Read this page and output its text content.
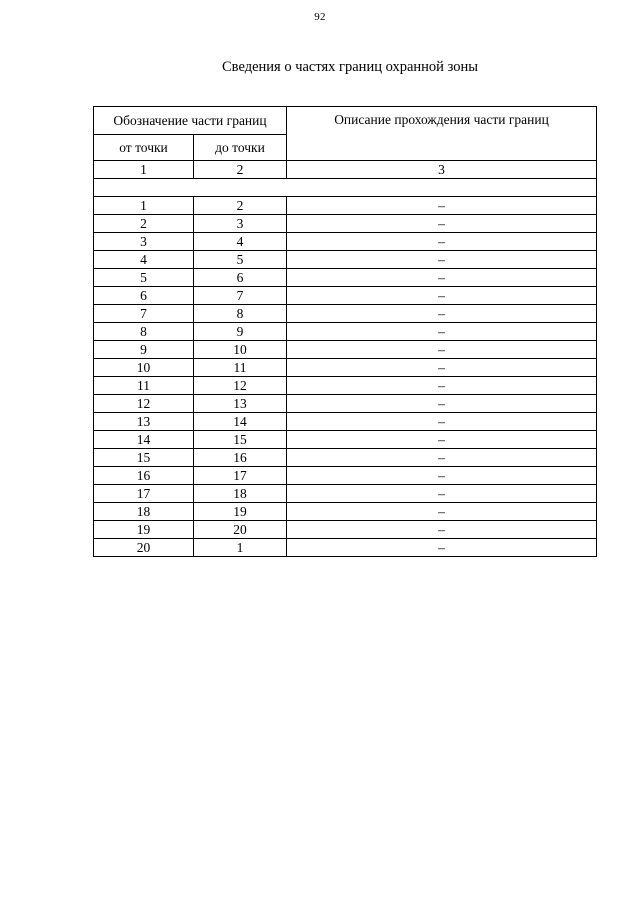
92
Сведения о частях границ охранной зоны
Обозначение части границ		Описание прохождения части границ
от точки	до точки	
1	2	3

1	2	–
2	3	–
3	4	–
4	5	–
5	6	–
6	7	–
7	8	–
8	9	–
9	10	–
10	11	–
11	12	–
12	13	–
13	14	–
14	15	–
15	16	–
16	17	–
17	18	–
18	19	–
19	20	–
20	1	–
